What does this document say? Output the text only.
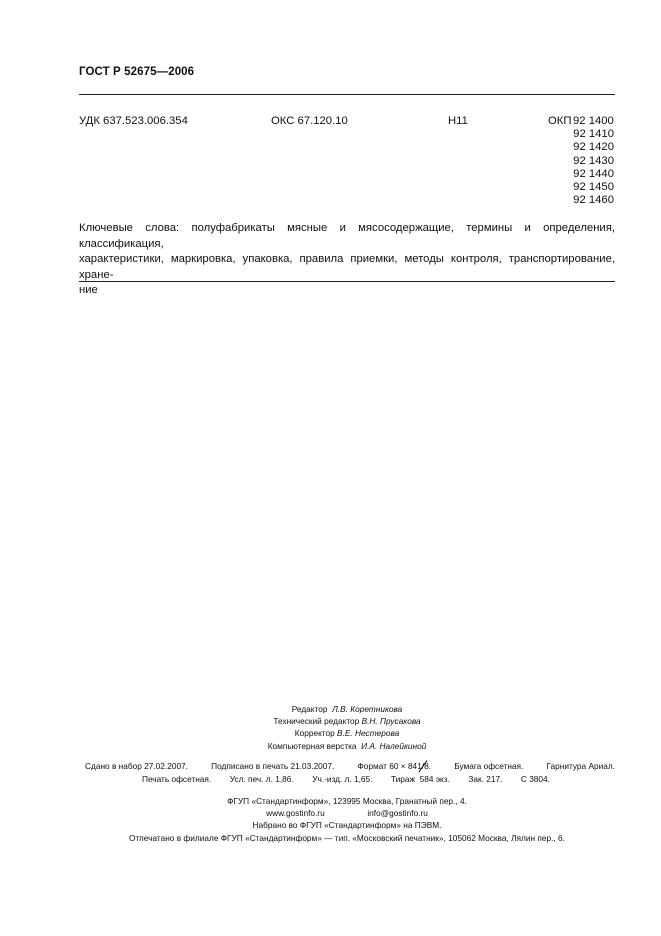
ГОСТ Р 52675—2006
УДК 637.523.006.354	ОКС 67.120.10	Н11	ОКП 92 1400
92 1410
92 1420
92 1430
92 1440
92 1450
92 1460
Ключевые слова: полуфабрикаты мясные и мясосодержащие, термины и определения, классификация,
характеристики, маркировка, упаковка, правила приемки, методы контроля, транспортирование, хране-
ние
Редактор Л.В. Коретникова
Технический редактор В.Н. Прусакова
Корректор В.Е. Нестерова
Компьютерная верстка И.А. Налейкиной
Сдано в набор 27.02.2007.	Подписано в печать 21.03.2007.	Формат 60 × 841/8.	Бумага офсетная.	Гарнитура Ариал.
Печать офсетная. Усл. печ. л. 1,86. Уч.-изд. л. 1,65. Тираж  584 экз. Зак. 217. С 3804.
ФГУП «Стандартинформ», 123995 Москва, Гранатный пер., 4.
www.gostinfo.ru	info@gostinfo.ru
Набрано во ФГУП «Стандартинформ» на ПЭВМ.
Отпечатано в филиале ФГУП «Стандартинформ» — тип. «Московский печатник», 105062 Москва, Лялин пер., 6.
